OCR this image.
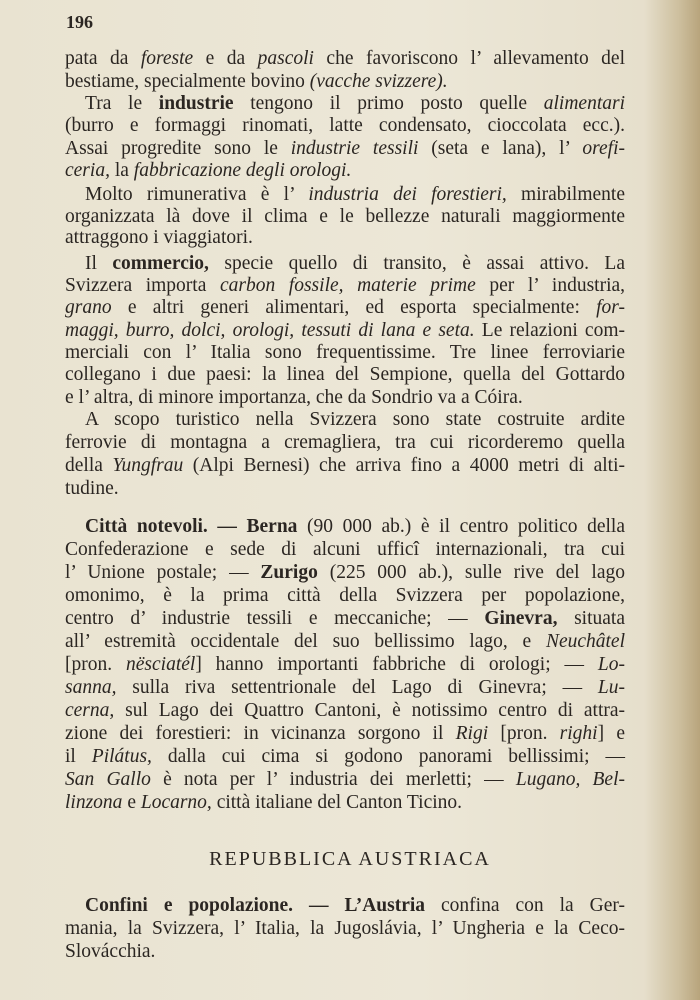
196
pata da foreste e da pascoli che favoriscono l’ allevamento del
bestiame, specialmente bovino (vacche svizzere).
Tra le industrie tengono il primo posto quelle alimentari
(burro e formaggi rinomati, latte condensato, cioccolata ecc.).
Assai progredite sono le industrie tessili (seta e lana), l’ orefi-
ceria, la fabbricazione degli orologi.
Molto rimunerativa è l’ industria dei forestieri, mirabilmente
organizzata là dove il clima e le bellezze naturali maggiormente
attraggono i viaggiatori.
Il commercio, specie quello di transito, è assai attivo. La
Svizzera importa carbon fossile, materie prime per l’ industria,
grano e altri generi alimentari, ed esporta specialmente: for-
maggi, burro, dolci, orologi, tessuti di lana e seta. Le relazioni com-
merciali con l’ Italia sono frequentissime. Tre linee ferroviarie
collegano i due paesi: la linea del Sempione, quella del Gottardo
e l’ altra, di minore importanza, che da Sondrio va a Cóira.
A scopo turistico nella Svizzera sono state costruite ardite
ferrovie di montagna a cremagliera, tra cui ricorderemo quella
della Yungfrau (Alpi Bernesi) che arriva fino a 4000 metri di alti-
tudine.
Città notevoli. — Berna (90 000 ab.) è il centro politico della
Confederazione e sede di alcuni ufficî internazionali, tra cui
l’ Unione postale; — Zurigo (225 000 ab.), sulle rive del lago
omonimo, è la prima città della Svizzera per popolazione,
centro d’ industrie tessili e meccaniche; — Ginevra, situata
all’ estremità occidentale del suo bellissimo lago, e Neuchâtel
[pron. nësciatél] hanno importanti fabbriche di orologi; — Lo-
sanna, sulla riva settentrionale del Lago di Ginevra; — Lu-
cerna, sul Lago dei Quattro Cantoni, è notissimo centro di attra-
zione dei forestieri: in vicinanza sorgono il Rigi [pron. righi] e
il Pilátus, dalla cui cima si godono panorami bellissimi; —
San Gallo è nota per l’ industria dei merletti; — Lugano, Bel-
linzona e Locarno, città italiane del Canton Ticino.
Confini e popolazione. — L’Austria confina con la Ger-
mania, la Svizzera, l’ Italia, la Jugoslávia, l’ Ungheria e la Ceco-
Slovácchia.
REPUBBLICA AUSTRIACA
